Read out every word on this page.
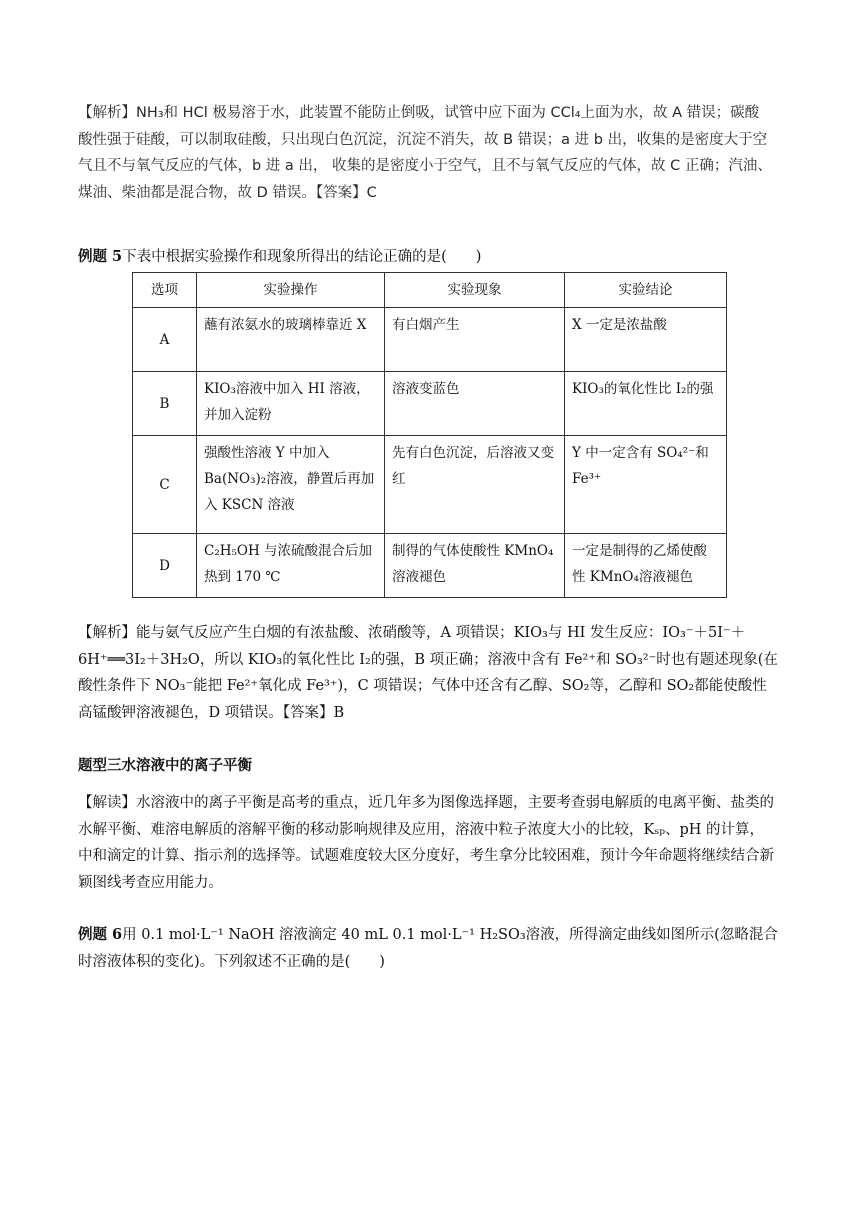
【解析】NH₃和 HCl 极易溶于水，此装置不能防止倒吸，试管中应下面为 CCl₄上面为水，故 A 错误；碳酸
酸性强于硅酸，可以制取硅酸，只出现白色沉淀，沉淀不消失，故 B 错误；a 进 b 出，收集的是密度大于空
气且不与氧气反应的气体，b 进 a 出， 收集的是密度小于空气，且不与氧气反应的气体，故 C 正确；汽油、
煤油、柴油都是混合物，故 D 错误。【答案】C
例题 5下表中根据实验操作和现象所得出的结论正确的是(　　)
选项	实验操作	实验现象	实验结论
A	蘸有浓氨水的玻璃棒靠近 X	有白烟产生	X 一定是浓盐酸
B	KIO₃溶液中加入 HI 溶液，并加入淀粉	溶液变蓝色	KIO₃的氧化性比 I₂的强
C	强酸性溶液 Y 中加入 Ba(NO₃)₂溶液，静置后再加入 KSCN 溶液	先有白色沉淀，后溶液又变红	Y 中一定含有 SO₄²⁻和 Fe³⁺
D	C₂H₅OH 与浓硫酸混合后加热到 170 ℃	制得的气体使酸性 KMnO₄溶液褪色	一定是制得的乙烯使酸性 KMnO₄溶液褪色
【解析】能与氨气反应产生白烟的有浓盐酸、浓硝酸等，A 项错误；KIO₃与 HI 发生反应：IO₃⁻＋5I⁻＋6H⁺══3I₂＋3H₂O，所以 KIO₃的氧化性比 I₂的强，B 项正确；溶液中含有 Fe²⁺和 SO₃²⁻时也有题述现象(在酸性条件下 NO₃⁻能把 Fe²⁺氧化成 Fe³⁺)，C 项错误；气体中还含有乙醇、SO₂等，乙醇和 SO₂都能使酸性高锰酸钾溶液褪色，D 项错误。【答案】B
题型三水溶液中的离子平衡
【解读】水溶液中的离子平衡是高考的重点，近几年多为图像选择题，主要考查弱电解质的电离平衡、盐类的水解平衡、难溶电解质的溶解平衡的移动影响规律及应用，溶液中粒子浓度大小的比较，Kₛₚ、pH 的计算，中和滴定的计算、指示剂的选择等。试题难度较大区分度好，考生拿分比较困难，预计今年命题将继续结合新颖图线考查应用能力。
例题 6用 0.1 mol·L⁻¹ NaOH 溶液滴定 40 mL 0.1 mol·L⁻¹ H₂SO₃溶液，所得滴定曲线如图所示(忽略混合时溶液体积的变化)。下列叙述不正确的是(　　)
